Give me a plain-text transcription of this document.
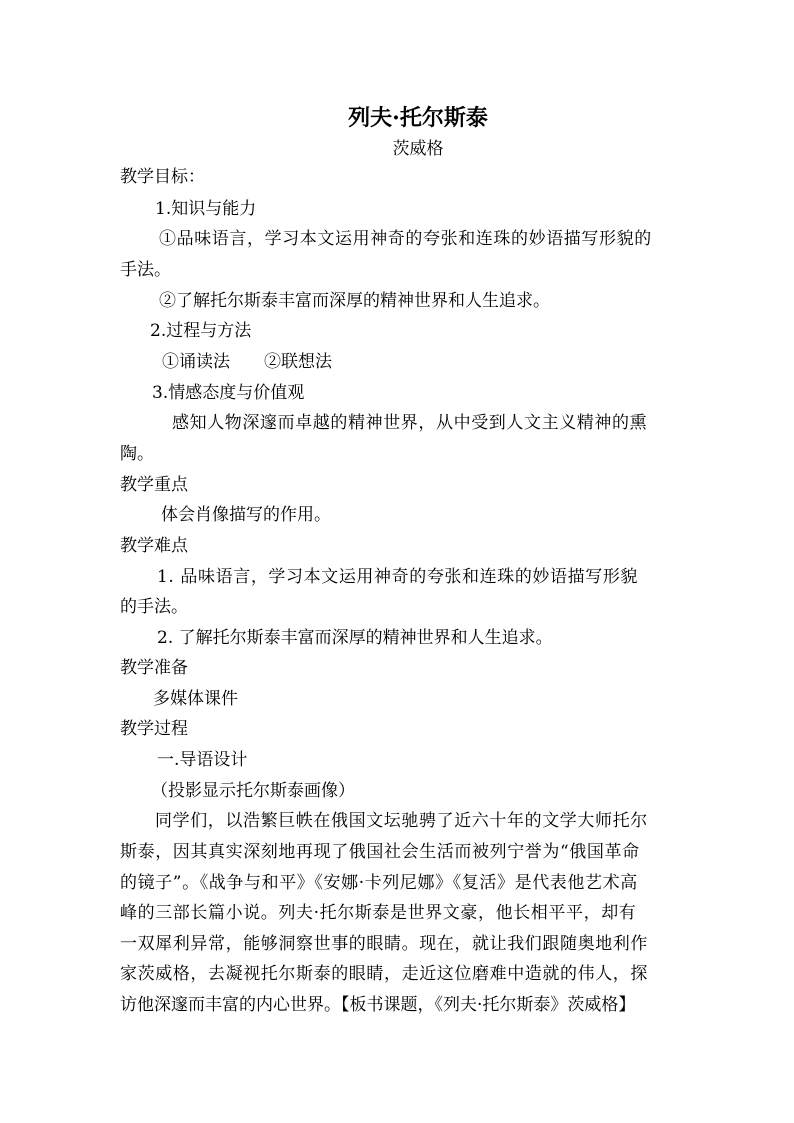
列夫·托尔斯泰
茨威格
教学目标：
1.知识与能力
①品味语言，学习本文运用神奇的夸张和连珠的妙语描写形貌的
手法。
②了解托尔斯泰丰富而深厚的精神世界和人生追求。
2.过程与方法
①诵读法　　②联想法
3.情感态度与价值观
感知人物深邃而卓越的精神世界，从中受到人文主义精神的熏
陶。
教学重点
体会肖像描写的作用。
教学难点
1. 品味语言，学习本文运用神奇的夸张和连珠的妙语描写形貌
的手法。
2. 了解托尔斯泰丰富而深厚的精神世界和人生追求。
教学准备
多媒体课件
教学过程
一.导语设计
（投影显示托尔斯泰画像）
同学们，以浩繁巨帙在俄国文坛驰骋了近六十年的文学大师托尔
斯泰，因其真实深刻地再现了俄国社会生活而被列宁誉为“俄国革命
的镜子”。《战争与和平》《安娜·卡列尼娜》《复活》是代表他艺术高
峰的三部长篇小说。列夫·托尔斯泰是世界文豪，他长相平平，却有
一双犀利异常，能够洞察世事的眼睛。现在，就让我们跟随奥地利作
家茨威格，去凝视托尔斯泰的眼睛，走近这位磨难中造就的伟人，探
访他深邃而丰富的内心世界。【板书课题，《列夫·托尔斯泰》茨威格】
